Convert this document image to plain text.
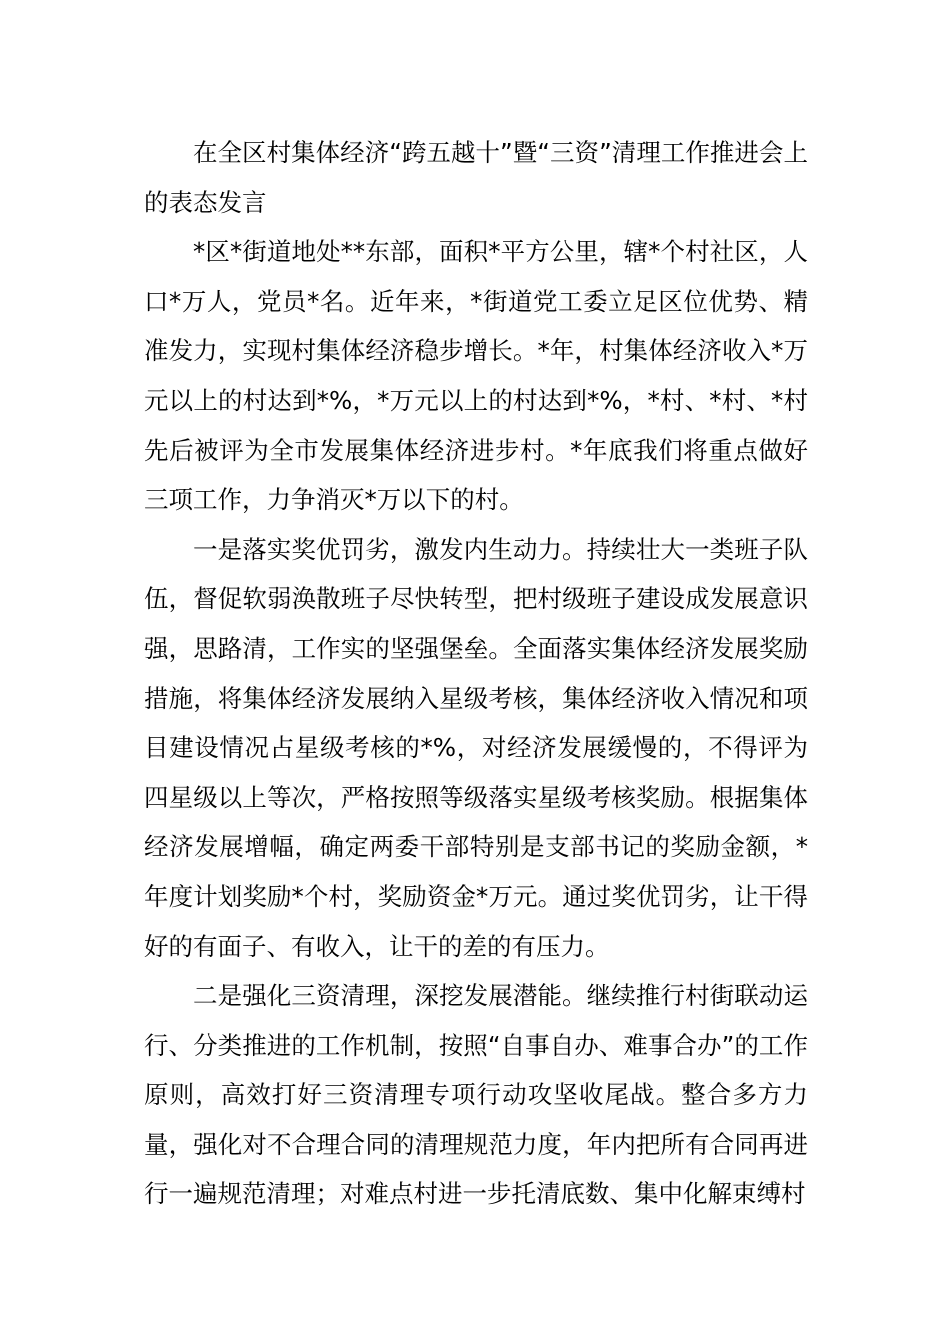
在全区村集体经济“跨五越十”暨“三资”清理工作推进会上的表态发言

*区*街道地处**东部，面积*平方公里，辖*个村社区，人口*万人，党员*名。近年来，*街道党工委立足区位优势、精准发力，实现村集体经济稳步增长。*年，村集体经济收入*万元以上的村达到*%，*万元以上的村达到*%，*村、*村、*村先后被评为全市发展集体经济进步村。*年底我们将重点做好三项工作，力争消灭*万以下的村。

一是落实奖优罚劣，激发内生动力。持续壮大一类班子队伍，督促软弱涣散班子尽快转型，把村级班子建设成发展意识强，思路清，工作实的坚强堡垒。全面落实集体经济发展奖励措施，将集体经济发展纳入星级考核，集体经济收入情况和项目建设情况占星级考核的*%，对经济发展缓慢的，不得评为四星级以上等次，严格按照等级落实星级考核奖励。根据集体经济发展增幅，确定两委干部特别是支部书记的奖励金额，*年度计划奖励*个村，奖励资金*万元。通过奖优罚劣，让干得好的有面子、有收入，让干的差的有压力。

二是强化三资清理，深挖发展潜能。继续推行村街联动运行、分类推进的工作机制，按照“自事自办、难事合办”的工作原则，高效打好三资清理专项行动攻坚收尾战。整合多方力量，强化对不合理合同的清理规范力度，年内把所有合同再进行一遍规范清理；对难点村进一步托清底数、集中化解束缚村
